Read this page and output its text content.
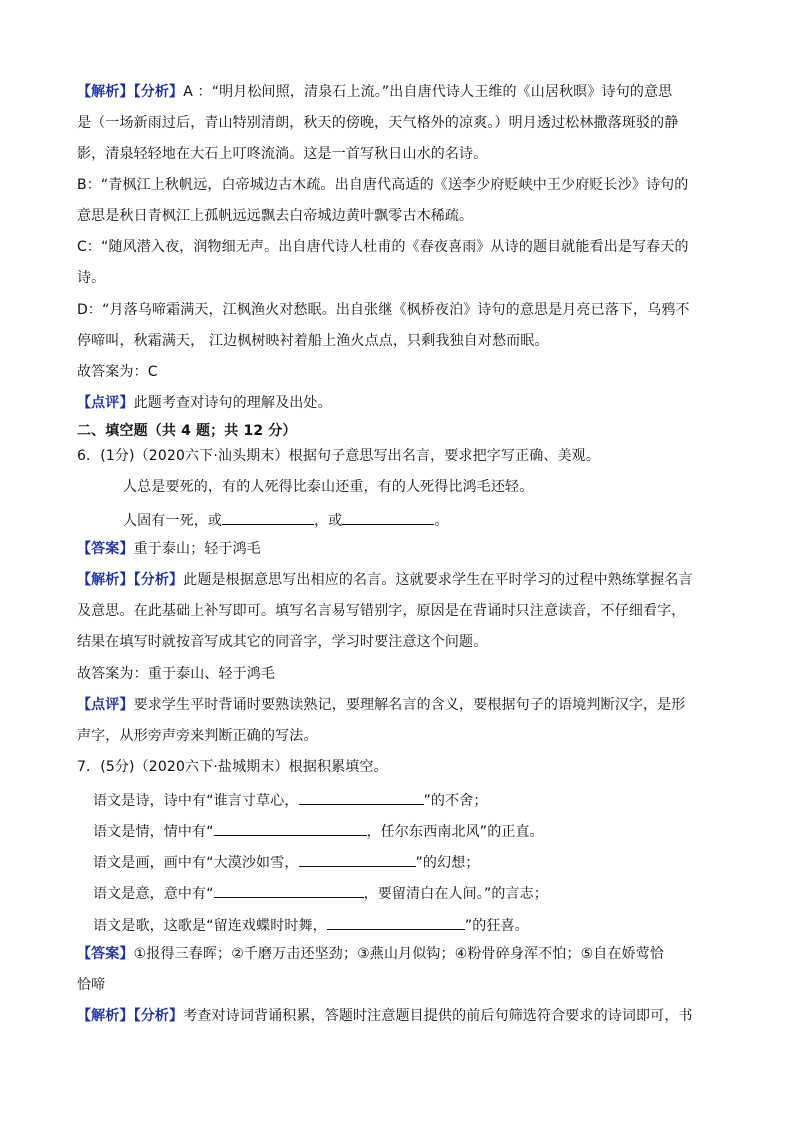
【解析】【分析】A ：“明月松间照，清泉石上流。”出自唐代诗人王维的《山居秋暝》诗句的意思
是（一场新雨过后，青山特别清朗，秋天的傍晚，天气格外的凉爽。）明月透过松林撒落斑驳的静
影，清泉轻轻地在大石上叮咚流淌。这是一首写秋日山水的名诗。
B：“青枫江上秋帆远，白帝城边古木疏。出自唐代高适的《送李少府贬峡中王少府贬长沙》诗句的
意思是秋日青枫江上孤帆远远飘去白帝城边黄叶飘零古木稀疏。
C：“随风潜入夜，润物细无声。出自唐代诗人杜甫的《春夜喜雨》从诗的题目就能看出是写春天的
诗。
D：“月落乌啼霜满天，江枫渔火对愁眠。出自张继《枫桥夜泊》诗句的意思是月亮已落下，乌鸦不
停啼叫，秋霜满天， 江边枫树映衬着船上渔火点点，只剩我独自对愁而眠。
故答案为：C
【点评】此题考查对诗句的理解及出处。
二、填空题（共 4 题；共 12 分）
6．(1分)（2020六下·汕头期末）根据句子意思写出名言，要求把字写正确、美观。
人总是要死的，有的人死得比泰山还重，有的人死得比鸿毛还轻。
人固有一死，或	，或	。
【答案】重于泰山；轻于鸿毛
【解析】【分析】此题是根据意思写出相应的名言。这就要求学生在平时学习的过程中熟练掌握名言
及意思。在此基础上补写即可。填写名言易写错别字，原因是在背诵时只注意读音，不仔细看字，
结果在填写时就按音写成其它的同音字，学习时要注意这个问题。
故答案为：重于泰山、轻于鸿毛
【点评】要求学生平时背诵时要熟读熟记，要理解名言的含义，要根据句子的语境判断汉字，是形
声字，从形旁声旁来判断正确的写法。
7．(5分)（2020六下·盐城期末）根据积累填空。
语文是诗，诗中有“谁言寸草心，	”的不舍；
语文是情，情中有“	，任尔东西南北风”的正直。
语文是画，画中有“大漠沙如雪，	”的幻想；
语文是意，意中有“	，要留清白在人间。”的言志；
语文是歌，这歌是“留连戏蝶时时舞，	”的狂喜。
【答案】①报得三春晖；②千磨万击还坚劲；③燕山月似钩；④粉骨碎身浑不怕；⑤自在娇莺恰
恰啼
【解析】【分析】考查对诗词背诵积累，答题时注意题目提供的前后句筛选符合要求的诗词即可，书
